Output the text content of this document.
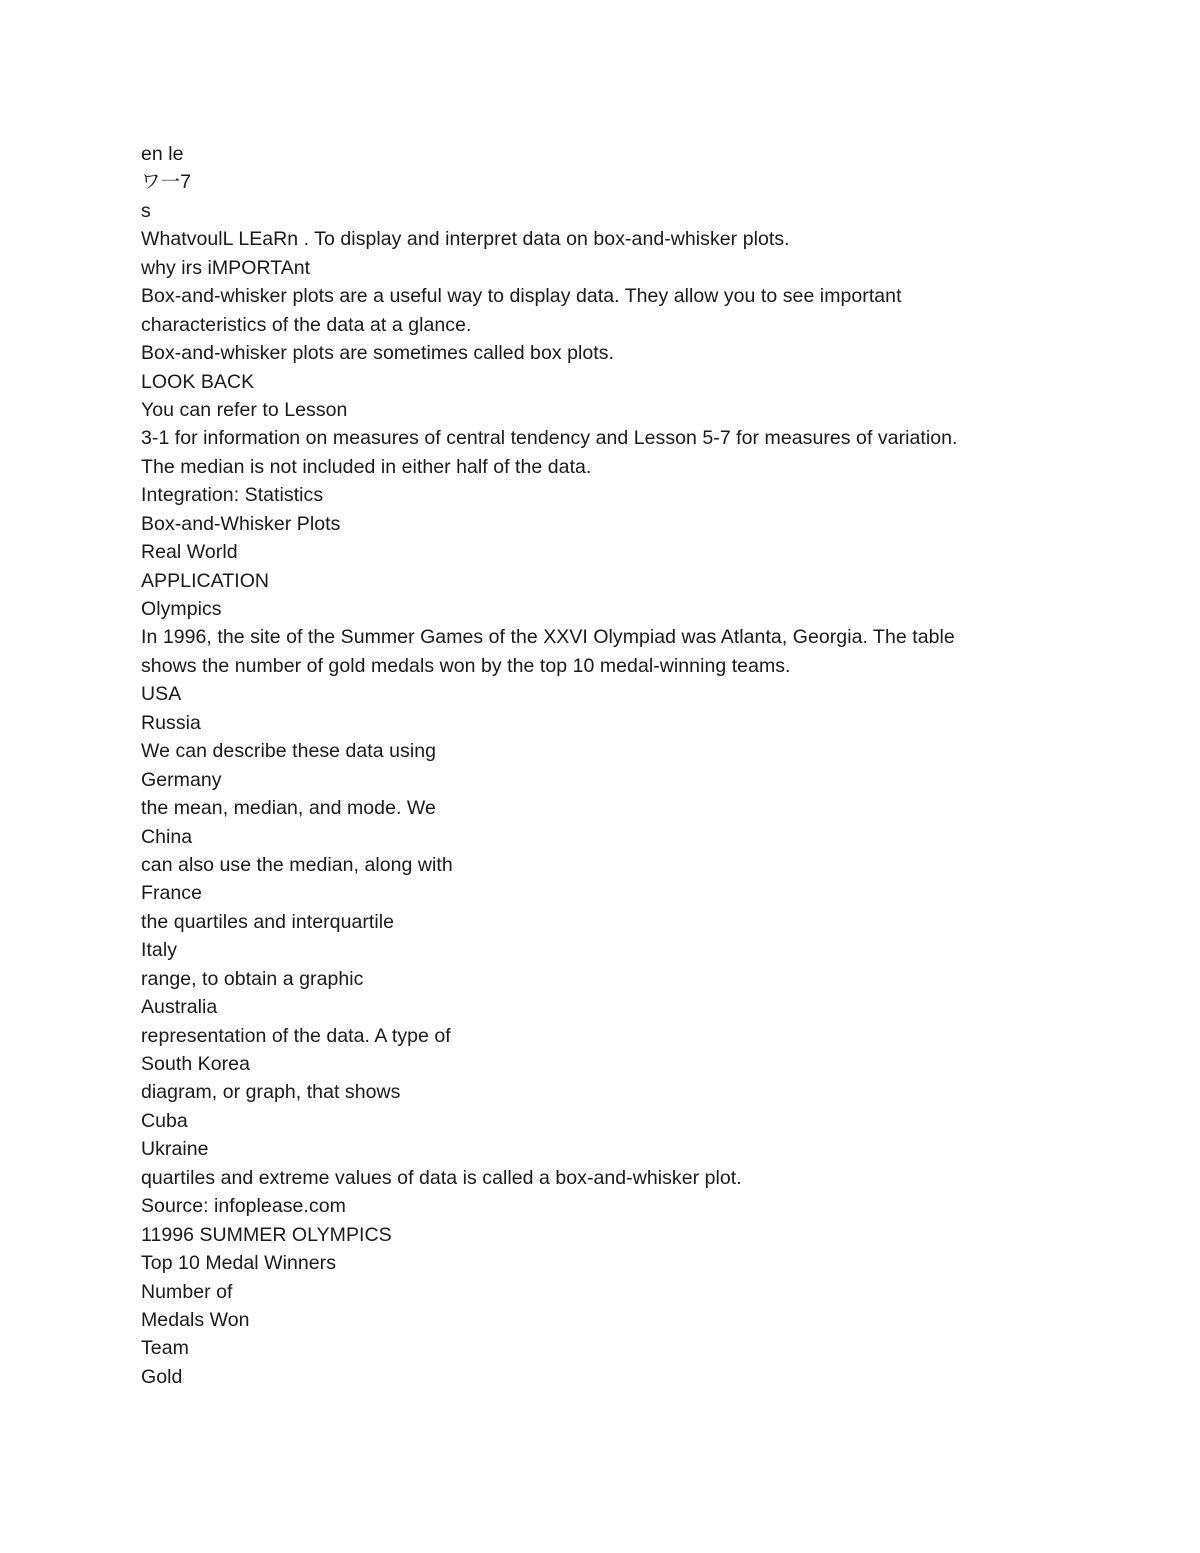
en le
ワ一7
s
WhatvoulL LEaRn . To display and interpret data on box-and-whisker plots.
why irs iMPORTAnt
Box-and-whisker plots are a useful way to display data. They allow you to see important
characteristics of the data at a glance.
Box-and-whisker plots are sometimes called box plots.
LOOK BACK
You can refer to Lesson
3-1 for information on measures of central tendency and Lesson 5-7 for measures of variation.
The median is not included in either half of the data.
Integration: Statistics
Box-and-Whisker Plots
Real World
APPLICATION
Olympics
In 1996, the site of the Summer Games of the XXVI Olympiad was Atlanta, Georgia. The table
shows the number of gold medals won by the top 10 medal-winning teams.
USA
Russia
We can describe these data using
Germany
the mean, median, and mode. We
China
can also use the median, along with
France
the quartiles and interquartile
Italy
range, to obtain a graphic
Australia
representation of the data. A type of
South Korea
diagram, or graph, that shows
Cuba
Ukraine
quartiles and extreme values of data is called a box-and-whisker plot.
Source: infoplease.com
11996 SUMMER OLYMPICS
Top 10 Medal Winners
Number of
Medals Won
Team
Gold
